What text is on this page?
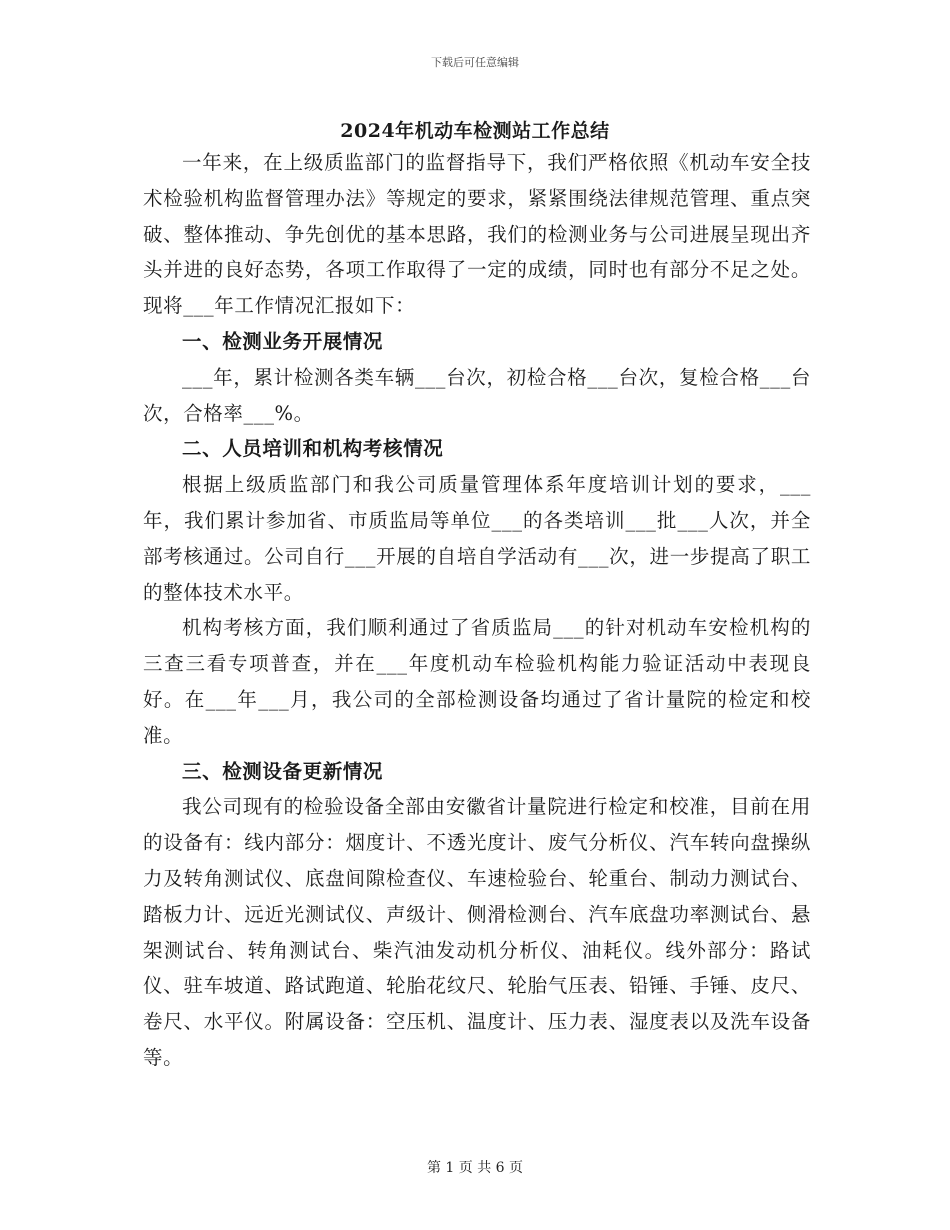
下载后可任意编辑
2024年机动车检测站工作总结

一年来，在上级质监部门的监督指导下，我们严格依照《机动车安全技术检验机构监督管理办法》等规定的要求，紧紧围绕法律规范管理、重点突破、整体推动、争先创优的基本思路，我们的检测业务与公司进展呈现出齐头并进的良好态势，各项工作取得了一定的成绩，同时也有部分不足之处。现将___年工作情况汇报如下：

一、检测业务开展情况

___年，累计检测各类车辆___台次，初检合格___台次，复检合格___台次，合格率___%。

二、人员培训和机构考核情况

根据上级质监部门和我公司质量管理体系年度培训计划的要求，___年，我们累计参加省、市质监局等单位___的各类培训___批___人次，并全部考核通过。公司自行___开展的自培自学活动有___次，进一步提高了职工的整体技术水平。

机构考核方面，我们顺利通过了省质监局___的针对机动车安检机构的三查三看专项普查，并在___年度机动车检验机构能力验证活动中表现良好。在___年___月，我公司的全部检测设备均通过了省计量院的检定和校准。

三、检测设备更新情况

我公司现有的检验设备全部由安徽省计量院进行检定和校准，目前在用的设备有：线内部分：烟度计、不透光度计、废气分析仪、汽车转向盘操纵力及转角测试仪、底盘间隙检查仪、车速检验台、轮重台、制动力测试台、踏板力计、远近光测试仪、声级计、侧滑检测台、汽车底盘功率测试台、悬架测试台、转角测试台、柴汽油发动机分析仪、油耗仪。线外部分：路试仪、驻车坡道、路试跑道、轮胎花纹尺、轮胎气压表、铅锤、手锤、皮尺、卷尺、水平仪。附属设备：空压机、温度计、压力表、湿度表以及洗车设备等。

第 1 页 共 6 页
